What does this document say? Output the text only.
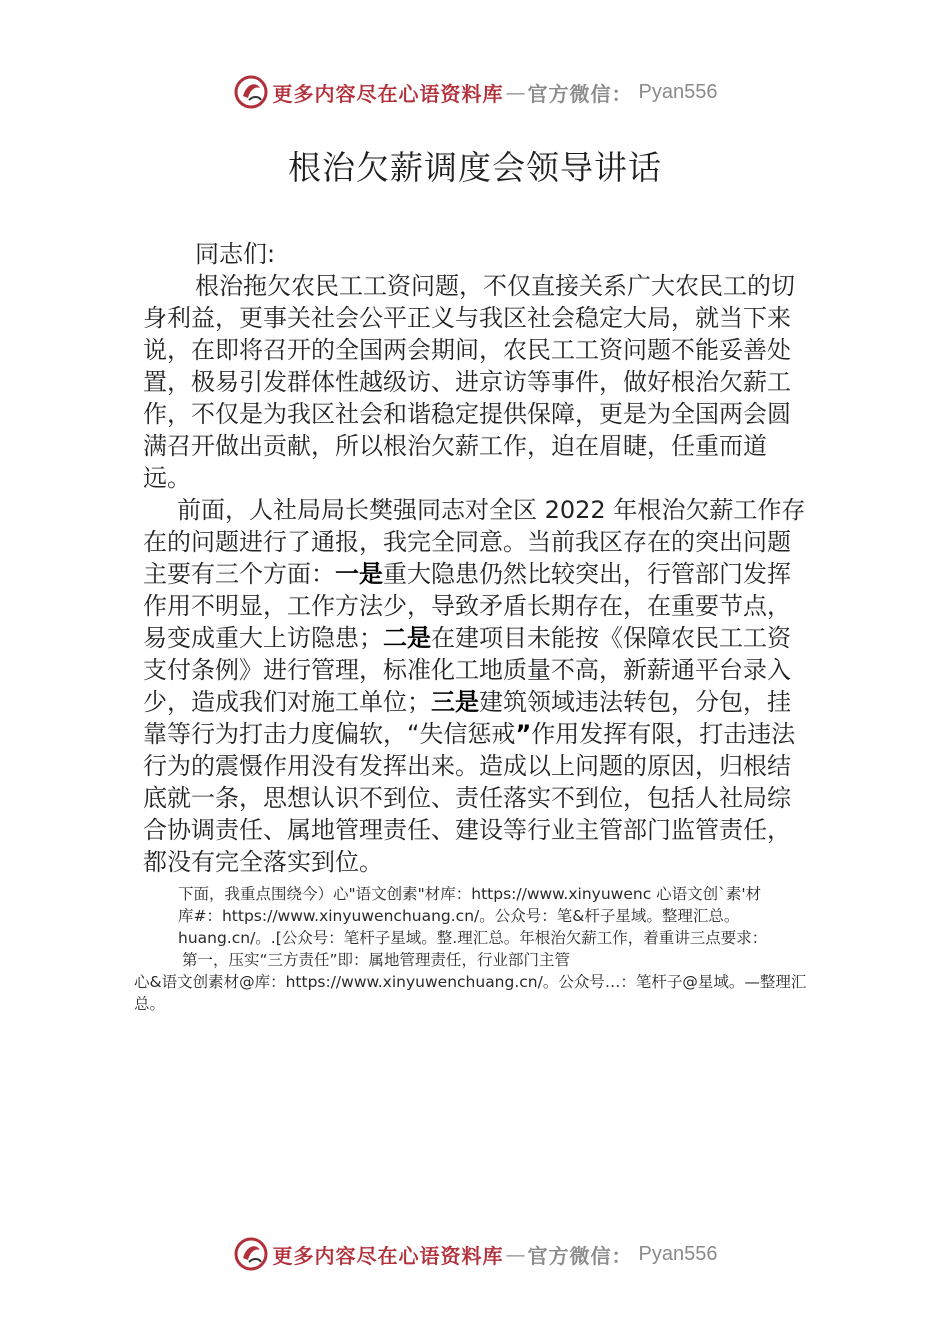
更多内容尽在心语资料库 — 官方微信： Pyan556
根治欠薪调度会领导讲话

同志们:

根治拖欠农民工工资问题，不仅直接关系广大农民工的切身利益，更事关社会公平正义与我区社会稳定大局，就当下来说，在即将召开的全国两会期间，农民工工资问题不能妥善处置，极易引发群体性越级访、进京访等事件，做好根治欠薪工作，不仅是为我区社会和谐稳定提供保障，更是为全国两会圆满召开做出贡献，所以根治欠薪工作，迫在眉睫，任重而道远。

前面，人社局局长樊强同志对全区 2022 年根治欠薪工作存在的问题进行了通报，我完全同意。当前我区存在的突出问题主要有三个方面：一是重大隐患仍然比较突出，行管部门发挥作用不明显，工作方法少，导致矛盾长期存在，在重要节点，易变成重大上访隐患；二是在建项目未能按《保障农民工工资支付条例》进行管理，标准化工地质量不高，新薪通平台录入少，造成我们对施工单位；三是建筑领域违法转包，分包，挂靠等行为打击力度偏软，“失信惩戒”作用发挥有限，打击违法行为的震慑作用没有发挥出来。造成以上问题的原因，归根结底就一条，思想认识不到位、责任落实不到位，包括人社局综合协调责任、属地管理责任、建设等行业主管部门监管责任，都没有完全落实到位。

下面，我重点围绕今）心"语文创素"材库：https://www.xinyuwenc 心语文创`素'材

库#：https://www.xinyuwenchuang.cn/。公众号：笔&杆子星域。整理汇总。

huang.cn/。.[公众号：笔杆子星域。整.理汇总。年根治欠薪工作，着重讲三点要求：

第一，压实“三方责任”即：属地管理责任，行业部门主管

心&语文创素材@库：https://www.xinyuwenchuang.cn/。公众号…：笔杆子@星域。—整理汇总。

更多内容尽在心语资料库 — 官方微信： Pyan556
